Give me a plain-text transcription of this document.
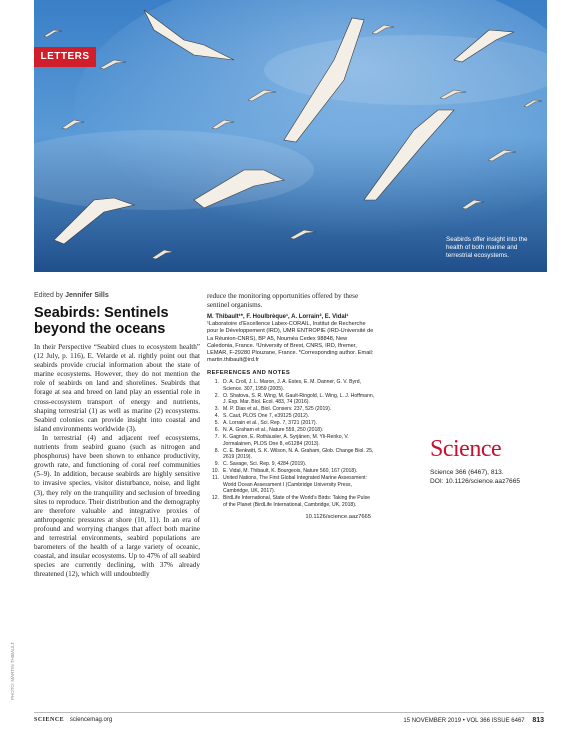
LETTERS
Seabirds offer insight into the health of both marine and terrestrial ecosystems.
PHOTO: MARTIN THIBAULT

Edited by Jennifer Sills

Seabirds: Sentinels beyond the oceans

In their Perspective “Seabird clues to ecosystem health” (12 July, p. 116), E. Velarde et al. rightly point out that seabirds provide crucial information about the state of marine ecosystems. However, they do not mention the role of seabirds on land and shorelines. Seabirds that forage at sea and breed on land play an essential role in cross-ecosystem transport of energy and nutrients, shaping terrestrial (1) as well as marine (2) ecosystems. Seabird colonies can provide insight into coastal and island environments worldwide (3).

In terrestrial (4) and adjacent reef ecosystems, nutrients from seabird guano (such as nitrogen and phosphorus) have been shown to enhance productivity, growth rate, and functioning of coral reef communities (5–9). In addition, because seabirds are highly sensitive to invasive species, visitor disturbance, noise, and light (3), they rely on the tranquility and seclusion of breeding sites to reproduce. Their distribution and the demography are therefore valuable and integrative proxies of anthropogenic pressures at shore (10, 11). In an era of profound and worrying changes that affect both marine and terrestrial environments, seabird populations are barometers of the health of a large variety of oceanic, coastal, and insular ecosystems. Up to 47% of all seabird species are currently declining, with 37% already threatened (12), which will undoubtedly

reduce the monitoring opportunities offered by these sentinel organisms.

M. Thibault¹*, F. Houlbrèque¹, A. Lorrain², E. Vidal¹

¹Laboratoire d’Excellence Labex-CORAIL, Institut de Recherche pour le Développement (IRD), UMR ENTROPIE (IRD-Université de La Réunion-CNRS), BP A5, Nouméa Cedex 98848, New Caledonia, France. ²University of Brest, CNRS, IRD, Ifremer, LEMAR, F-29280 Plouzane, France. *Corresponding author. Email: martin.thibault@ird.fr

REFERENCES AND NOTES

1. D. A. Croll, J. L. Maron, J. A. Estes, E. M. Danner, G. V. Byrd, Science. 307, 1959 (2005).
2. O. Shatova, S. R. Wing, M. Gault-Ringold, L. Wing, L. J. Hoffmann, J. Exp. Mar. Biol. Ecol. 483, 74 (2016).
3. M. P. Dias et al., Biol. Conserv. 237, 525 (2019).
4. S. Caut, PLOS One 7, e39125 (2012).
5. A. Lorrain et al., Sci. Rep. 7, 3721 (2017).
6. N. A. Graham et al., Nature 559, 250 (2018).
7. K. Gagnon, E. Rothäusler, A. Syrjänen, M. Yli-Renko, V. Jormalainen, PLOS One 8, e61284 (2013).
8. C. E. Benkwitt, S. K. Wilson, N. A. Graham, Glob. Change Biol. 25, 2619 (2019).
9. C. Savage, Sci. Rep. 9, 4284 (2019).
10. E. Vidal, M. Thibault, K. Bourgeois, Nature 560, 167 (2018).
11. United Nations, The First Global Integrated Marine Assessment: World Ocean Assessment I (Cambridge University Press, Cambridge, UK, 2017).
12. BirdLife International, State of the World’s Birds: Taking the Pulse of the Planet (BirdLife International, Cambridge, UK, 2018).
10.1126/science.aaz7665
Science

Science 366 (6467), 813.

DOI: 10.1126/science.aaz7665

SCIENCE sciencemag.org	15 NOVEMBER 2019 • VOL 366 ISSUE 6467 813
